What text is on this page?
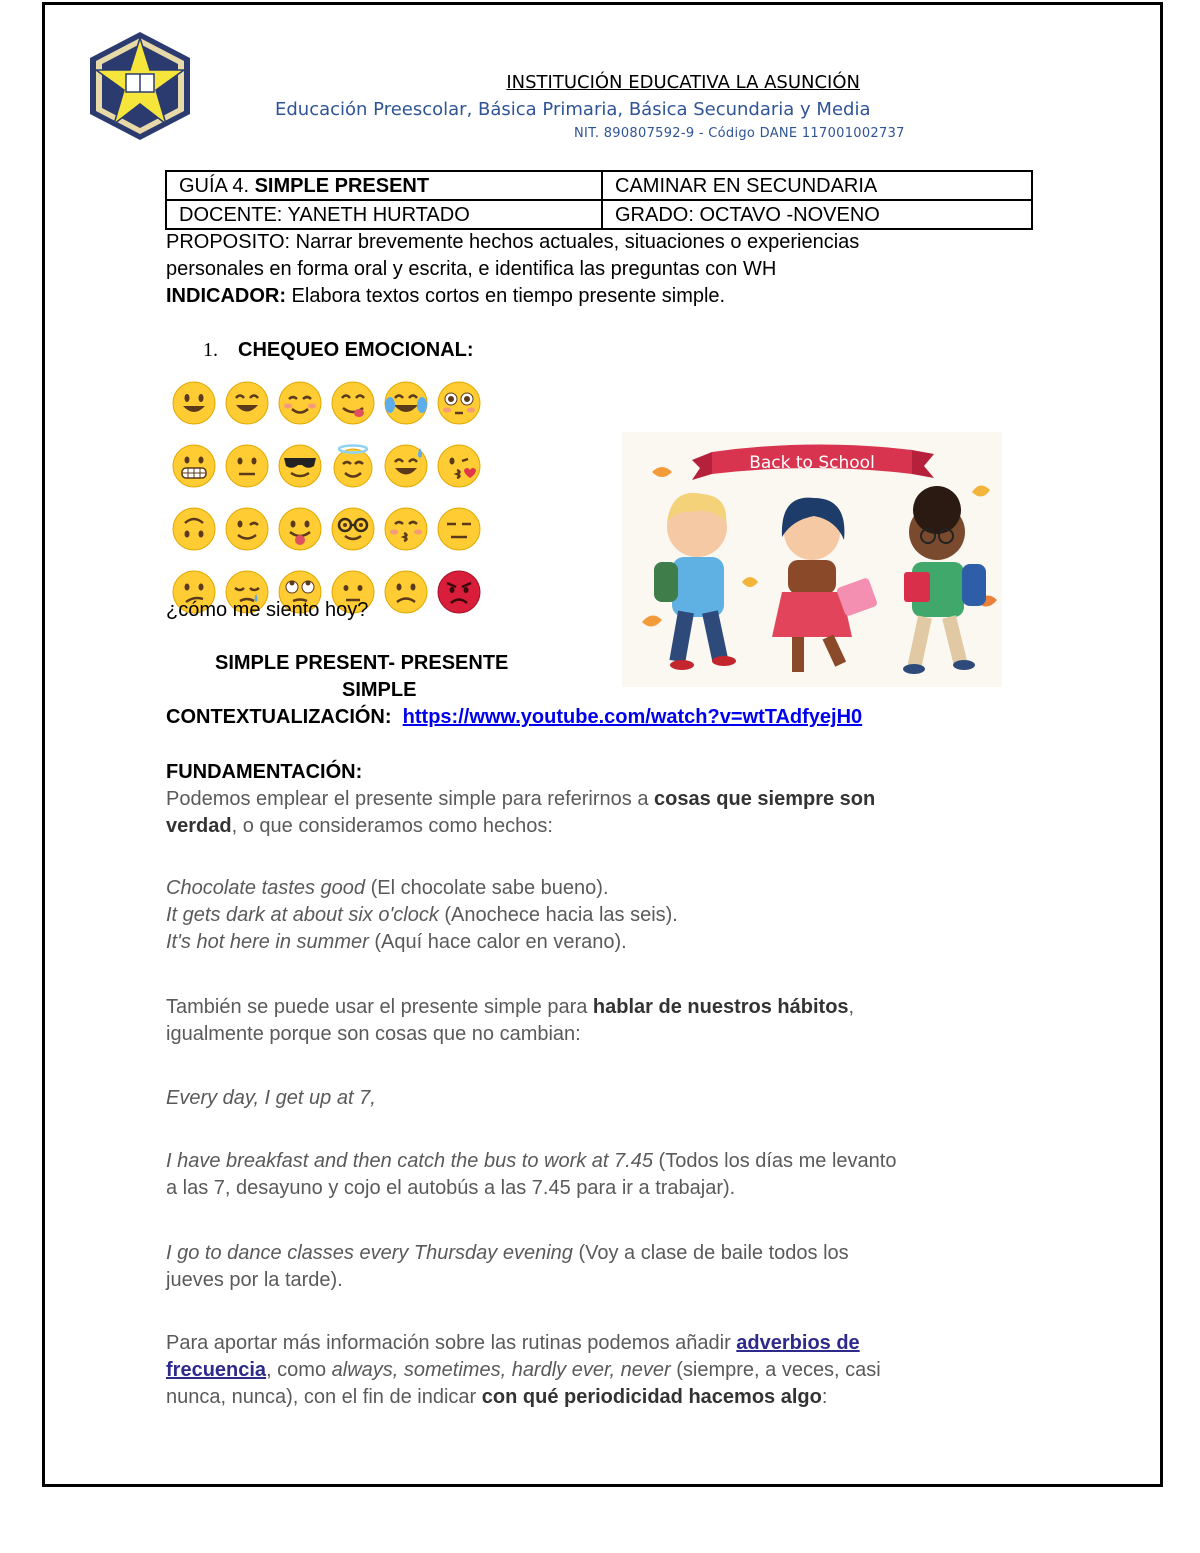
INSTITUCIÓN EDUCATIVA LA ASUNCIÓN
Educación Preescolar, Básica Primaria, Básica Secundaria y Media
NIT. 890807592-9 - Código DANE 117001002737
GUÍA 4. SIMPLE PRESENT	CAMINAR EN SECUNDARIA
DOCENTE: YANETH HURTADO	GRADO: OCTAVO -NOVENO
PROPOSITO: Narrar brevemente hechos actuales, situaciones o experiencias
personales en forma oral y escrita, e identifica las preguntas con WH
INDICADOR: Elabora textos cortos en tiempo presente simple.
1. CHEQUEO EMOCIONAL:
¿cómo me siento hoy?
Back to School
SIMPLE PRESENT- PRESENTE
SIMPLE
CONTEXTUALIZACIÓN: https://www.youtube.com/watch?v=wtTAdfyejH0
FUNDAMENTACIÓN:
Podemos emplear el presente simple para referirnos a cosas que siempre son
verdad, o que consideramos como hechos:
Chocolate tastes good (El chocolate sabe bueno).
It gets dark at about six o'clock (Anochece hacia las seis).
It's hot here in summer (Aquí hace calor en verano).
También se puede usar el presente simple para hablar de nuestros hábitos,
igualmente porque son cosas que no cambian:
Every day, I get up at 7,
I have breakfast and then catch the bus to work at 7.45 (Todos los días me levanto
a las 7, desayuno y cojo el autobús a las 7.45 para ir a trabajar).
I go to dance classes every Thursday evening (Voy a clase de baile todos los
jueves por la tarde).
Para aportar más información sobre las rutinas podemos añadir adverbios de
frecuencia, como always, sometimes, hardly ever, never (siempre, a veces, casi
nunca, nunca), con el fin de indicar con qué periodicidad hacemos algo:
